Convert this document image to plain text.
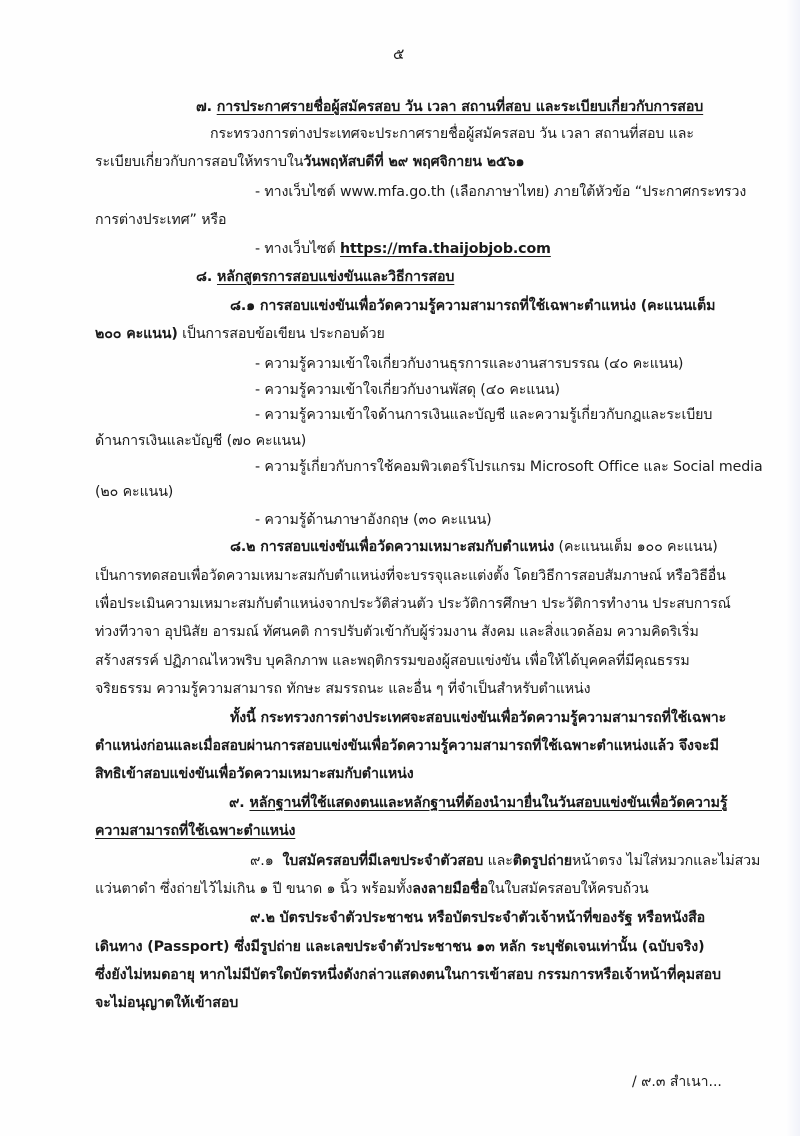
๕
๗. การประกาศรายชื่อผู้สมัครสอบ วัน เวลา สถานที่สอบ และระเบียบเกี่ยวกับการสอบ
กระทรวงการต่างประเทศจะประกาศรายชื่อผู้สมัครสอบ วัน เวลา สถานที่สอบ และ
ระเบียบเกี่ยวกับการสอบให้ทราบในวันพฤหัสบดีที่ ๒๙ พฤศจิกายน ๒๕๖๑
- ทางเว็บไซต์ www.mfa.go.th (เลือกภาษาไทย) ภายใต้หัวข้อ “ประกาศกระทรวง
การต่างประเทศ” หรือ
- ทางเว็บไซต์ https://mfa.thaijobjob.com
๘. หลักสูตรการสอบแข่งขันและวิธีการสอบ
๘.๑ การสอบแข่งขันเพื่อวัดความรู้ความสามารถที่ใช้เฉพาะตำแหน่ง (คะแนนเต็ม
๒๐๐ คะแนน) เป็นการสอบข้อเขียน ประกอบด้วย
- ความรู้ความเข้าใจเกี่ยวกับงานธุรการและงานสารบรรณ (๔๐ คะแนน)
- ความรู้ความเข้าใจเกี่ยวกับงานพัสดุ (๔๐ คะแนน)
- ความรู้ความเข้าใจด้านการเงินและบัญชี และความรู้เกี่ยวกับกฎและระเบียบ
ด้านการเงินและบัญชี (๗๐ คะแนน)
- ความรู้เกี่ยวกับการใช้คอมพิวเตอร์โปรแกรม Microsoft Office และ Social media
(๒๐ คะแนน)
- ความรู้ด้านภาษาอังกฤษ (๓๐ คะแนน)
๘.๒ การสอบแข่งขันเพื่อวัดความเหมาะสมกับตำแหน่ง (คะแนนเต็ม ๑๐๐ คะแนน)
เป็นการทดสอบเพื่อวัดความเหมาะสมกับตำแหน่งที่จะบรรจุและแต่งตั้ง โดยวิธีการสอบสัมภาษณ์ หรือวิธีอื่น
เพื่อประเมินความเหมาะสมกับตำแหน่งจากประวัติส่วนตัว ประวัติการศึกษา ประวัติการทำงาน ประสบการณ์
ท่วงทีวาจา อุปนิสัย อารมณ์ ทัศนคติ การปรับตัวเข้ากับผู้ร่วมงาน สังคม และสิ่งแวดล้อม ความคิดริเริ่ม
สร้างสรรค์ ปฏิภาณไหวพริบ บุคลิกภาพ และพฤติกรรมของผู้สอบแข่งขัน เพื่อให้ได้บุคคลที่มีคุณธรรม
จริยธรรม ความรู้ความสามารถ ทักษะ สมรรถนะ และอื่น ๆ ที่จำเป็นสำหรับตำแหน่ง
ทั้งนี้ กระทรวงการต่างประเทศจะสอบแข่งขันเพื่อวัดความรู้ความสามารถที่ใช้เฉพาะ
ตำแหน่งก่อนและเมื่อสอบผ่านการสอบแข่งขันเพื่อวัดความรู้ความสามารถที่ใช้เฉพาะตำแหน่งแล้ว จึงจะมี
สิทธิเข้าสอบแข่งขันเพื่อวัดความเหมาะสมกับตำแหน่ง
๙. หลักฐานที่ใช้แสดงตนและหลักฐานที่ต้องนำมายื่นในวันสอบแข่งขันเพื่อวัดความรู้
ความสามารถที่ใช้เฉพาะตำแหน่ง
๙.๑ ใบสมัครสอบที่มีเลขประจำตัวสอบ และติดรูปถ่ายหน้าตรง ไม่ใส่หมวกและไม่สวม
แว่นตาดำ ซึ่งถ่ายไว้ไม่เกิน ๑ ปี ขนาด ๑ นิ้ว พร้อมทั้งลงลายมือชื่อในใบสมัครสอบให้ครบถ้วน
๙.๒ บัตรประจำตัวประชาชน หรือบัตรประจำตัวเจ้าหน้าที่ของรัฐ หรือหนังสือ
เดินทาง (Passport) ซึ่งมีรูปถ่าย และเลขประจำตัวประชาชน ๑๓ หลัก ระบุชัดเจนเท่านั้น (ฉบับจริง)
ซึ่งยังไม่หมดอายุ หากไม่มีบัตรใดบัตรหนึ่งดังกล่าวแสดงตนในการเข้าสอบ กรรมการหรือเจ้าหน้าที่คุมสอบ
จะไม่อนุญาตให้เข้าสอบ
/ ๙.๓ สำเนา...
